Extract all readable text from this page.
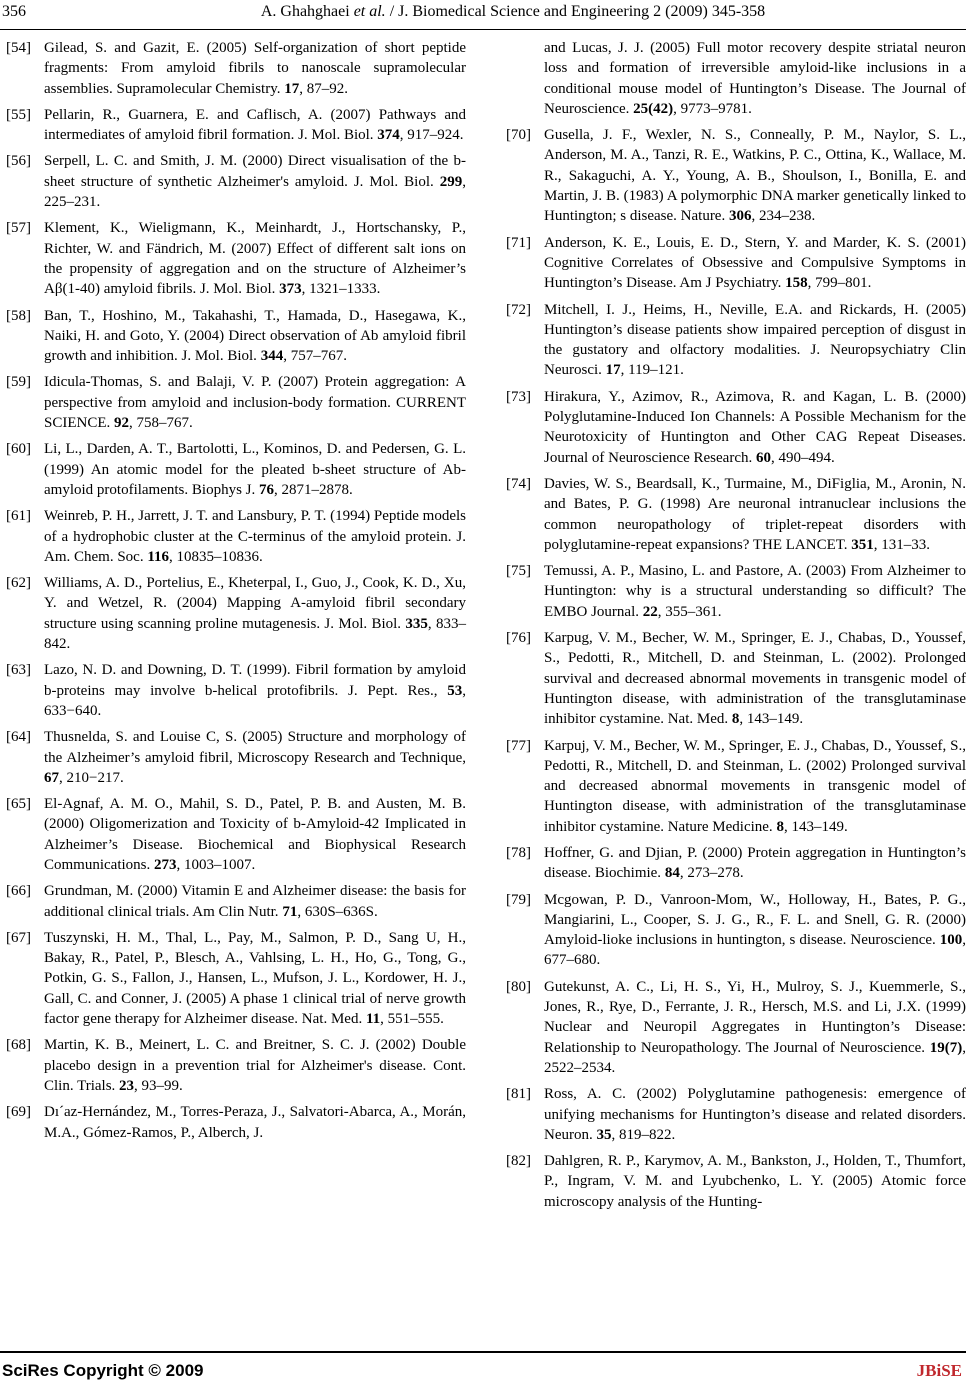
356	A. Ghahghaei et al. / J. Biomedical Science and Engineering 2 (2009) 345-358
[54] Gilead, S. and Gazit, E. (2005) Self-organization of short peptide fragments: From amyloid fibrils to nanoscale supramolecular assemblies. Supramolecular Chemistry. 17, 87–92.
[55] Pellarin, R., Guarnera, E. and Caflisch, A. (2007) Pathways and intermediates of amyloid fibril formation. J. Mol. Biol. 374, 917–924.
[56] Serpell, L. C. and Smith, J. M. (2000) Direct visualisation of the b-sheet structure of synthetic Alzheimer's amyloid. J. Mol. Biol. 299, 225–231.
[57] Klement, K., Wieligmann, K., Meinhardt, J., Hortschansky, P., Richter, W. and Fändrich, M. (2007) Effect of different salt ions on the propensity of aggregation and on the structure of Alzheimer’s Aβ(1-40) amyloid fibrils. J. Mol. Biol. 373, 1321–1333.
[58] Ban, T., Hoshino, M., Takahashi, T., Hamada, D., Hasegawa, K., Naiki, H. and Goto, Y. (2004) Direct observation of Ab amyloid fibril growth and inhibition. J. Mol. Biol. 344, 757–767.
[59] Idicula-Thomas, S. and Balaji, V. P. (2007) Protein aggregation: A perspective from amyloid and inclusion-body formation. CURRENT SCIENCE. 92, 758–767.
[60] Li, L., Darden, A. T., Bartolotti, L., Kominos, D. and Pedersen, G. L. (1999) An atomic model for the pleated b-sheet structure of Ab- amyloid protofilaments. Biophys J. 76, 2871–2878.
[61] Weinreb, P. H., Jarrett, J. T. and Lansbury, P. T. (1994) Peptide models of a hydrophobic cluster at the C-terminus of the amyloid protein. J. Am. Chem. Soc. 116, 10835–10836.
[62] Williams, A. D., Portelius, E., Kheterpal, I., Guo, J., Cook, K. D., Xu, Y. and Wetzel, R. (2004) Mapping A-amyloid fibril secondary structure using scanning proline mutagenesis. J. Mol. Biol. 335, 833–842.
[63] Lazo, N. D. and Downing, D. T. (1999). Fibril formation by amyloid b-proteins may involve b-helical protofibrils. J. Pept. Res., 53, 633−640.
[64] Thusnelda, S. and Louise C, S. (2005) Structure and morphology of the Alzheimer’s amyloid fibril, Microscopy Research and Technique, 67, 210−217.
[65] El-Agnaf, A. M. O., Mahil, S. D., Patel, P. B. and Austen, M. B. (2000) Oligomerization and Toxicity of b-Amyloid-42 Implicated in Alzheimer’s Disease. Biochemical and Biophysical Research Communications. 273, 1003–1007.
[66] Grundman, M. (2000) Vitamin E and Alzheimer disease: the basis for additional clinical trials. Am Clin Nutr. 71, 630S–636S.
[67] Tuszynski, H. M., Thal, L., Pay, M., Salmon, P. D., Sang U, H., Bakay, R., Patel, P., Blesch, A., Vahlsing, L. H., Ho, G., Tong, G., Potkin, G. S., Fallon, J., Hansen, L., Mufson, J. L., Kordower, H. J., Gall, C. and Conner, J. (2005) A phase 1 clinical trial of nerve growth factor gene therapy for Alzheimer disease. Nat. Med. 11, 551–555.
[68] Martin, K. B., Meinert, L. C. and Breitner, S. C. J. (2002) Double placebo design in a prevention trial for Alzheimer's disease. Cont. Clin. Trials. 23, 93–99.
[69] Dı´az-Hernández, M., Torres-Peraza, J., Salvatori-Abarca, A., Morán, M.A., Gómez-Ramos, P., Alberch, J.
and Lucas, J. J. (2005) Full motor recovery despite striatal neuron loss and formation of irreversible amyloid-like inclusions in a conditional mouse model of Huntington’s Disease. The Journal of Neuroscience. 25(42), 9773–9781.
[70] Gusella, J. F., Wexler, N. S., Conneally, P. M., Naylor, S. L., Anderson, M. A., Tanzi, R. E., Watkins, P. C., Ottina, K., Wallace, M. R., Sakaguchi, A. Y., Young, A. B., Shoulson, I., Bonilla, E. and Martin, J. B. (1983) A polymorphic DNA marker genetically linked to Huntington; s disease. Nature. 306, 234–238.
[71] Anderson, K. E., Louis, E. D., Stern, Y. and Marder, K. S. (2001) Cognitive Correlates of Obsessive and Compulsive Symptoms in Huntington’s Disease. Am J Psychiatry. 158, 799–801.
[72] Mitchell, I. J., Heims, H., Neville, E.A. and Rickards, H. (2005) Huntington’s disease patients show impaired perception of disgust in the gustatory and olfactory modalities. J. Neuropsychiatry Clin Neurosci. 17, 119–121.
[73] Hirakura, Y., Azimov, R., Azimova, R. and Kagan, L. B. (2000) Polyglutamine-Induced Ion Channels: A Possible Mechanism for the Neurotoxicity of Huntington and Other CAG Repeat Diseases. Journal of Neuroscience Research. 60, 490–494.
[74] Davies, W. S., Beardsall, K., Turmaine, M., DiFiglia, M., Aronin, N. and Bates, P. G. (1998) Are neuronal intranuclear inclusions the common neuropathology of triplet-repeat disorders with polyglutamine-repeat expansions? THE LANCET. 351, 131–33.
[75] Temussi, A. P., Masino, L. and Pastore, A. (2003) From Alzheimer to Huntington: why is a structural understanding so difficult? The EMBO Journal. 22, 355–361.
[76] Karpug, V. M., Becher, W. M., Springer, E. J., Chabas, D., Youssef, S., Pedotti, R., Mitchell, D. and Steinman, L. (2002). Prolonged survival and decreased abnormal movements in transgenic model of Huntington disease, with administration of the transglutaminase inhibitor cystamine. Nat. Med. 8, 143–149.
[77] Karpuj, V. M., Becher, W. M., Springer, E. J., Chabas, D., Youssef, S., Pedotti, R., Mitchell, D. and Steinman, L. (2002) Prolonged survival and decreased abnormal movements in transgenic model of Huntington disease, with administration of the transglutaminase inhibitor cystamine. Nature Medicine. 8, 143–149.
[78] Hoffner, G. and Djian, P. (2000) Protein aggregation in Huntington’s disease. Biochimie. 84, 273–278.
[79] Mcgowan, P. D., Vanroon-Mom, W., Holloway, H., Bates, P. G., Mangiarini, L., Cooper, S. J. G., R., F. L. and Snell, G. R. (2000) Amyloid-lioke inclusions in huntington, s disease. Neuroscience. 100, 677–680.
[80] Gutekunst, A. C., Li, H. S., Yi, H., Mulroy, S. J., Kuemmerle, S., Jones, R., Rye, D., Ferrante, J. R., Hersch, M.S. and Li, J.X. (1999) Nuclear and Neuropil Aggregates in Huntington’s Disease: Relationship to Neuropathology. The Journal of Neuroscience. 19(7), 2522–2534.
[81] Ross, A. C. (2002) Polyglutamine pathogenesis: emergence of unifying mechanisms for Huntington’s disease and related disorders. Neuron. 35, 819–822.
[82] Dahlgren, R. P., Karymov, A. M., Bankston, J., Holden, T., Thumfort, P., Ingram, V. M. and Lyubchenko, L. Y. (2005) Atomic force microscopy analysis of the Hunting-
SciRes Copyright © 2009	JBiSE
